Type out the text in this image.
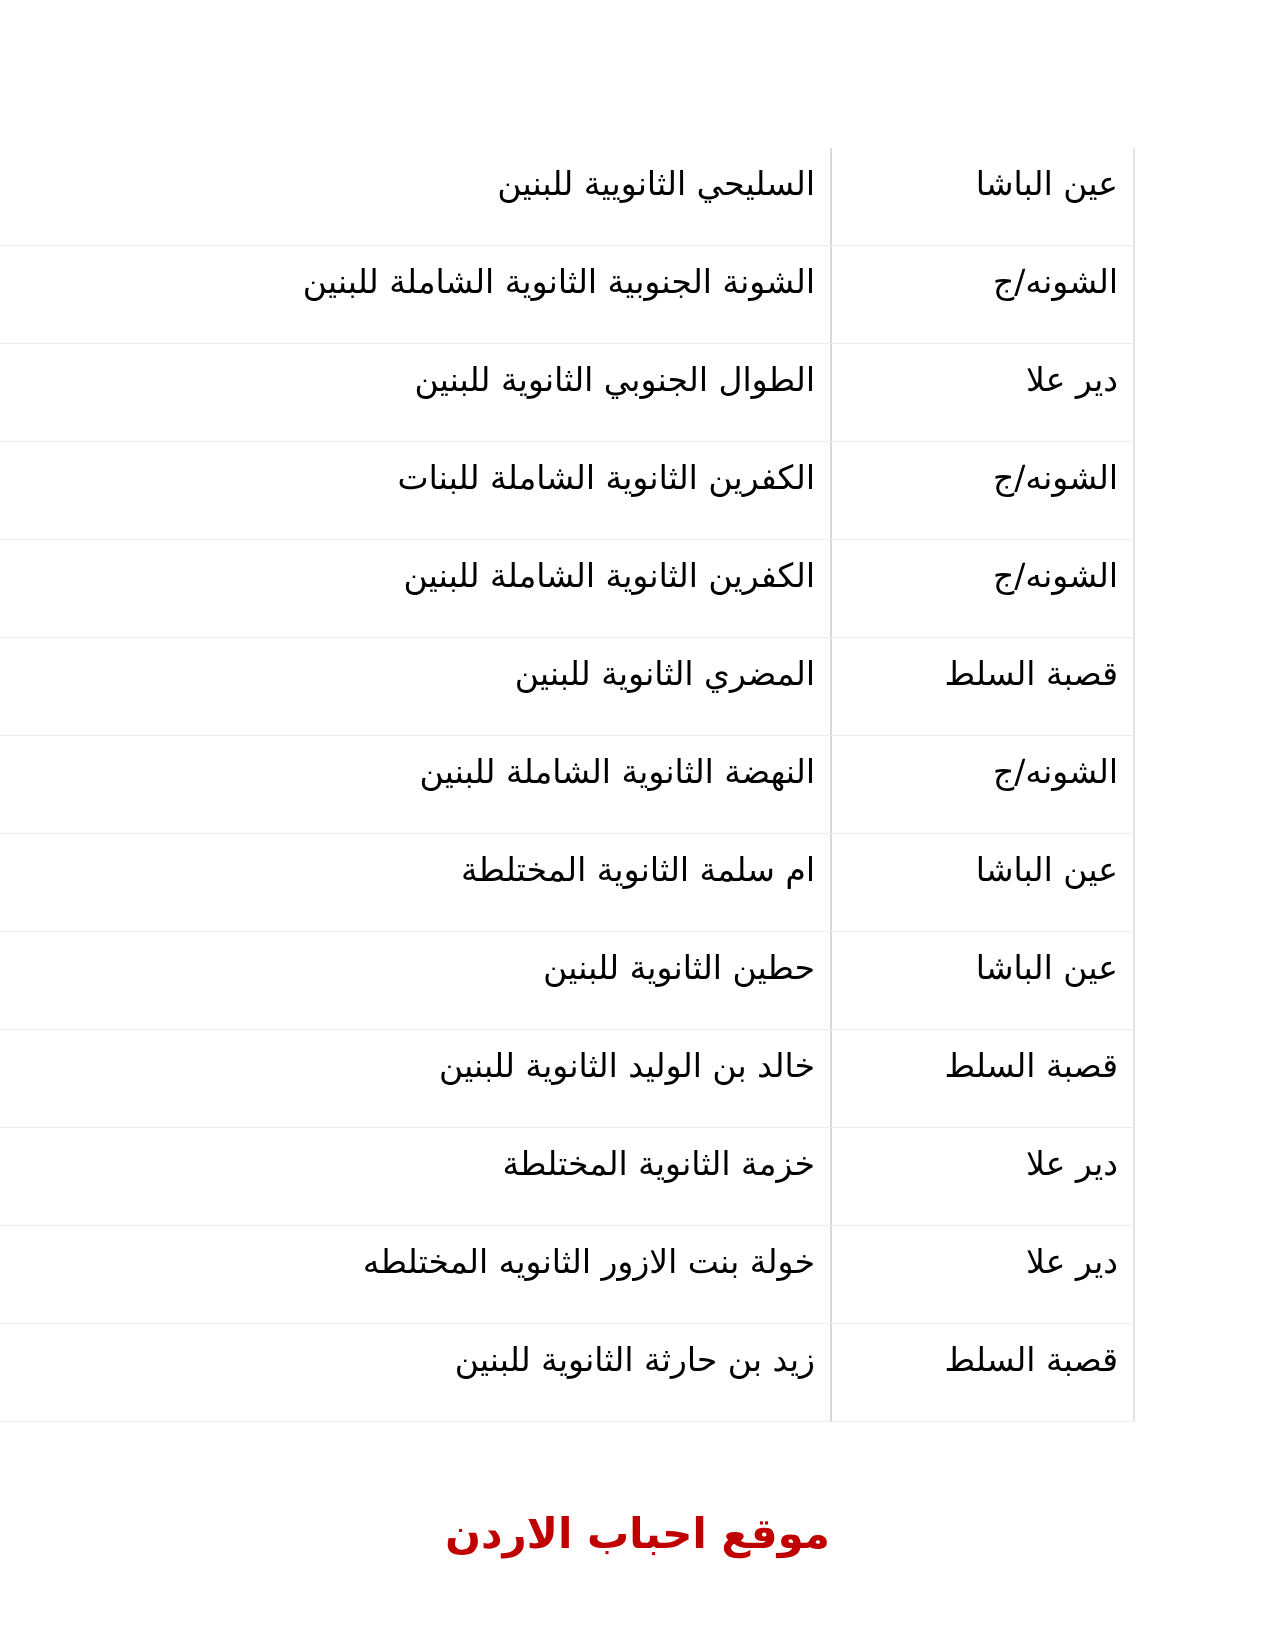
عين الباشا
السليحي الثانويية للبنين
الشونه/ج
الشونة الجنوبية الثانوية الشاملة للبنين
دير علا
الطوال الجنوبي الثانوية للبنين
الشونه/ج
الكفرين الثانوية الشاملة للبنات
الشونه/ج
الكفرين الثانوية الشاملة للبنين
قصبة السلط
المضري الثانوية للبنين
الشونه/ج
النهضة الثانوية الشاملة للبنين
عين الباشا
ام سلمة الثانوية المختلطة
عين الباشا
حطين الثانوية للبنين
قصبة السلط
خالد بن الوليد الثانوية للبنين
دير علا
خزمة الثانوية المختلطة
دير علا
خولة بنت الازور الثانويه المختلطه
قصبة السلط
زيد بن حارثة الثانوية للبنين
موقع احباب الاردن
